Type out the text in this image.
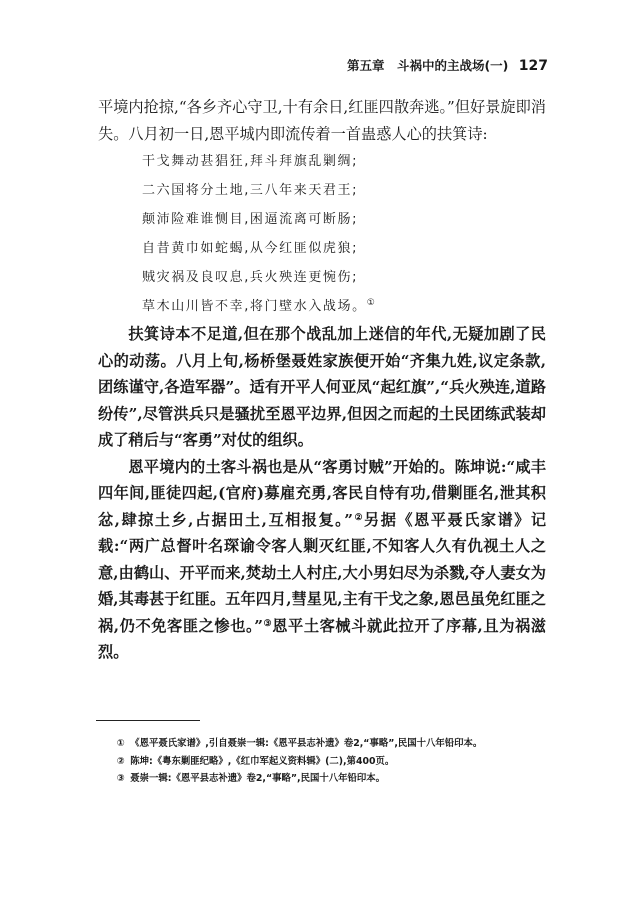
第五章　斗祸中的主战场(一) 127

平境内抢掠,“各乡齐心守卫,十有余日,红匪四散奔逃。”但好景旋即消失。八月初一日,恩平城内即流传着一首蛊惑人心的扶箕诗:

干戈舞动甚猖狂,拜斗拜旗乱剿绸;
二六国将分土地,三八年来天君王;
颠沛险难谁恻目,困逼流离可断肠;
自昔黄巾如蛇蝎,从今红匪似虎狼;
贼灾祸及良叹息,兵火殃连更惋伤;
草木山川皆不幸,将门壁水入战场。①

扶箕诗本不足道,但在那个战乱加上迷信的年代,无疑加剧了民心的动荡。八月上旬,杨桥堡聂姓家族便开始“齐集九姓,议定条款,团练谨守,各造军器”。适有开平人何亚凤“起红旗”,“兵火殃连,道路纷传”,尽管洪兵只是骚扰至恩平边界,但因之而起的土民团练武装却成了稍后与“客勇”对仗的组织。

恩平境内的土客斗祸也是从“客勇讨贼”开始的。陈坤说:“咸丰四年间,匪徒四起,(官府)募雇充勇,客民自恃有功,借剿匪名,泄其积忿,肆掠土乡,占据田土,互相报复。”②另据《恩平聂氏家谱》记载:“两广总督叶名琛谕令客人剿灭红匪,不知客人久有仇视土人之意,由鹤山、开平而来,焚劫土人村庄,大小男妇尽为杀戮,夺人妻女为婚,其毒甚于红匪。五年四月,彗星见,主有干戈之象,恩邑虽免红匪之祸,仍不免客匪之惨也。”③恩平土客械斗就此拉开了序幕,且为祸滋烈。

① 《恩平聂氏家谱》,引自聂崇一辑:《恩平县志补遗》卷2,“事略”,民国十八年铅印本。
② 陈坤:《粤东剿匪纪略》,《红巾军起义资料辑》(二),第400页。
③ 聂崇一辑:《恩平县志补遗》卷2,“事略”,民国十八年铅印本。
